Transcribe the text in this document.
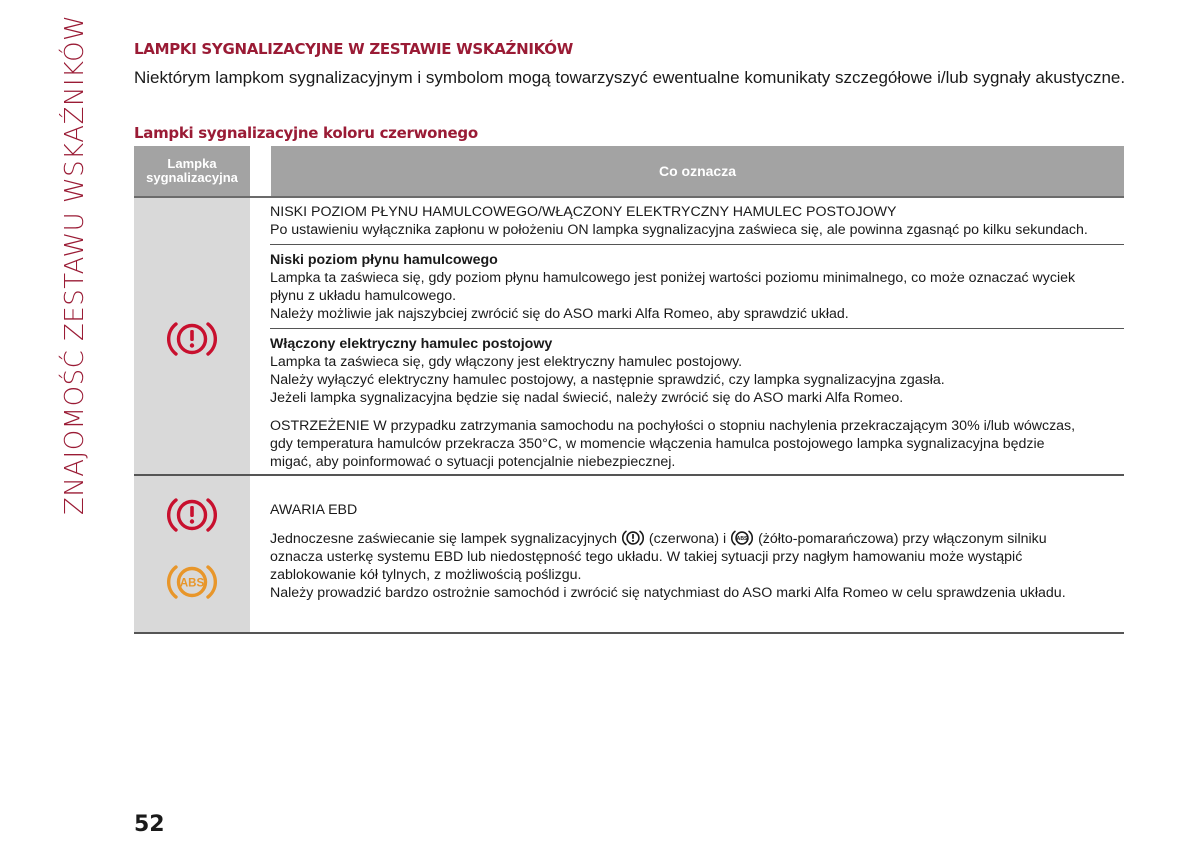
ZNAJOMOŚĆ ZESTAWU WSKAŹNIKÓW	LAMPKI SYGNALIZACYJNE W ZESTAWIE WSKAŹNIKÓW
Niektórym lampkom sygnalizacyjnym i symbolom mogą towarzyszyć ewentualne komunikaty szczegółowe i/lub sygnały akustyczne.
Lampki sygnalizacyjne koloru czerwonego
Lampka
sygnalizacyjna	Co oznacza

NISKI POZIOM PŁYNU HAMULCOWEGO/WŁĄCZONY ELEKTRYCZNY HAMULEC POSTOJOWY

Po ustawieniu wyłącznika zapłonu w położeniu ON lampka sygnalizacyjna zaświeca się, ale powinna zgasnąć po kilku sekundach.

Niski poziom płynu hamulcowego

Lampka ta zaświeca się, gdy poziom płynu hamulcowego jest poniżej wartości poziomu minimalnego, co może oznaczać wyciek

płynu z układu hamulcowego.

Należy możliwie jak najszybciej zwrócić się do ASO marki Alfa Romeo, aby sprawdzić układ.

Włączony elektryczny hamulec postojowy

Lampka ta zaświeca się, gdy włączony jest elektryczny hamulec postojowy.

Należy wyłączyć elektryczny hamulec postojowy, a następnie sprawdzić, czy lampka sygnalizacyjna zgasła.

Jeżeli lampka sygnalizacyjna będzie się nadal świecić, należy zwrócić się do ASO marki Alfa Romeo.

OSTRZEŻENIE W przypadku zatrzymania samochodu na pochyłości o stopniu nachylenia przekraczającym 30% i/lub wówczas,

gdy temperatura hamulców przekracza 350°C, w momencie włączenia hamulca postojowego lampka sygnalizacyjna będzie

migać, aby poinformować o sytuacji potencjalnie niebezpiecznej.

ABS

AWARIA EBD

Jednoczesne zaświecanie się lampek sygnalizacyjnych (czerwona) i ABS (żółto-pomarańczowa) przy włączonym silniku

oznacza usterkę systemu EBD lub niedostępność tego układu. W takiej sytuacji przy nagłym hamowaniu może wystąpić

zablokowanie kół tylnych, z możliwością poślizgu.

Należy prowadzić bardzo ostrożnie samochód i zwrócić się natychmiast do ASO marki Alfa Romeo w celu sprawdzenia układu.

52
